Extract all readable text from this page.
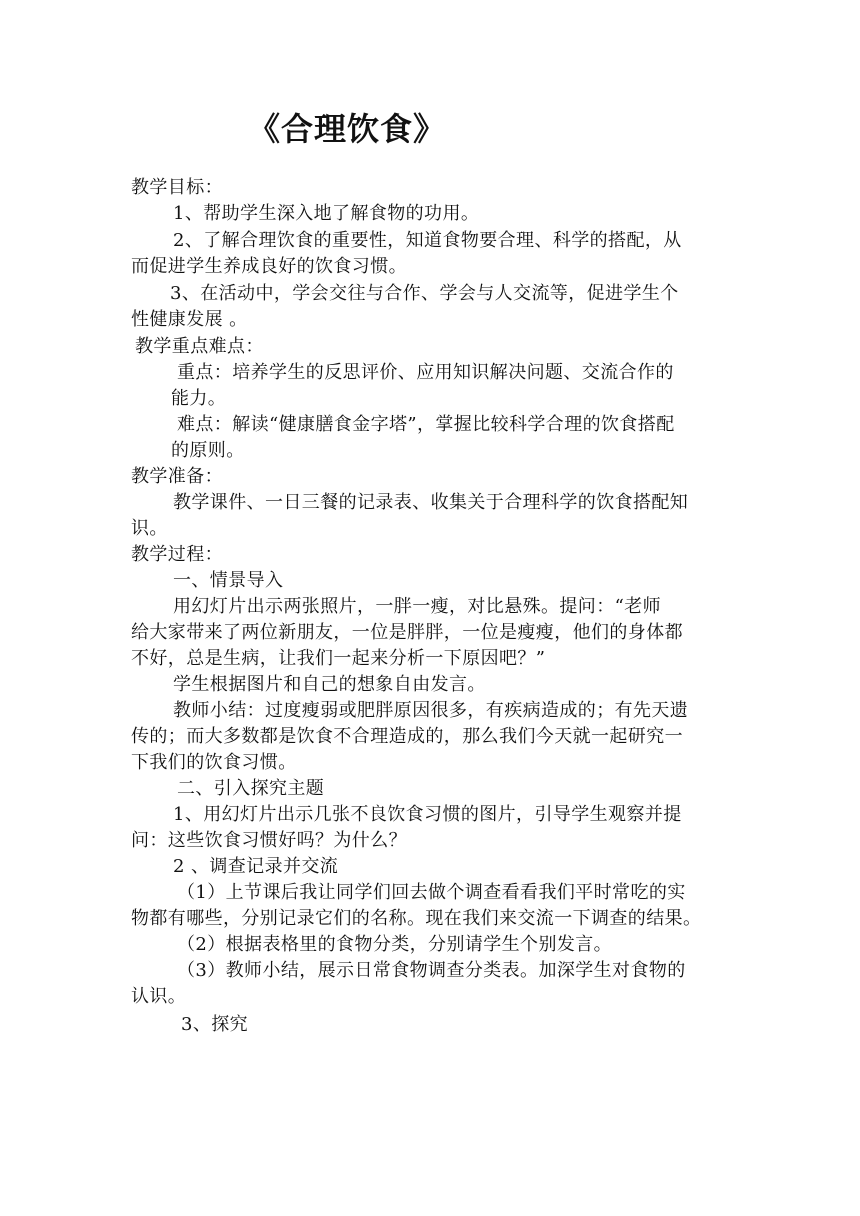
《合理饮食》
教学目标：
1、帮助学生深入地了解食物的功用。
2、了解合理饮食的重要性，知道食物要合理、科学的搭配，从
而促进学生养成良好的饮食习惯。
3、在活动中，学会交往与合作、学会与人交流等，促进学生个
性健康发展 。
教学重点难点：
重点：培养学生的反思评价、应用知识解决问题、交流合作的
能力。
难点：解读“健康膳食金字塔”，掌握比较科学合理的饮食搭配
的原则。
教学准备：
教学课件、一日三餐的记录表、收集关于合理科学的饮食搭配知
识。
教学过程：
一、情景导入
用幻灯片出示两张照片，一胖一瘦，对比悬殊。提问：“老师
给大家带来了两位新朋友，一位是胖胖，一位是瘦瘦，他们的身体都
不好，总是生病，让我们一起来分析一下原因吧？”
学生根据图片和自己的想象自由发言。
教师小结：过度瘦弱或肥胖原因很多，有疾病造成的；有先天遗
传的；而大多数都是饮食不合理造成的，那么我们今天就一起研究一
下我们的饮食习惯。
二、引入探究主题
1、用幻灯片出示几张不良饮食习惯的图片，引导学生观察并提
问：这些饮食习惯好吗？为什么？
2 、调查记录并交流
（1）上节课后我让同学们回去做个调查看看我们平时常吃的实
物都有哪些，分别记录它们的名称。现在我们来交流一下调查的结果。
（2）根据表格里的食物分类，分别请学生个别发言。
（3）教师小结，展示日常食物调查分类表。加深学生对食物的
认识。
3、探究
